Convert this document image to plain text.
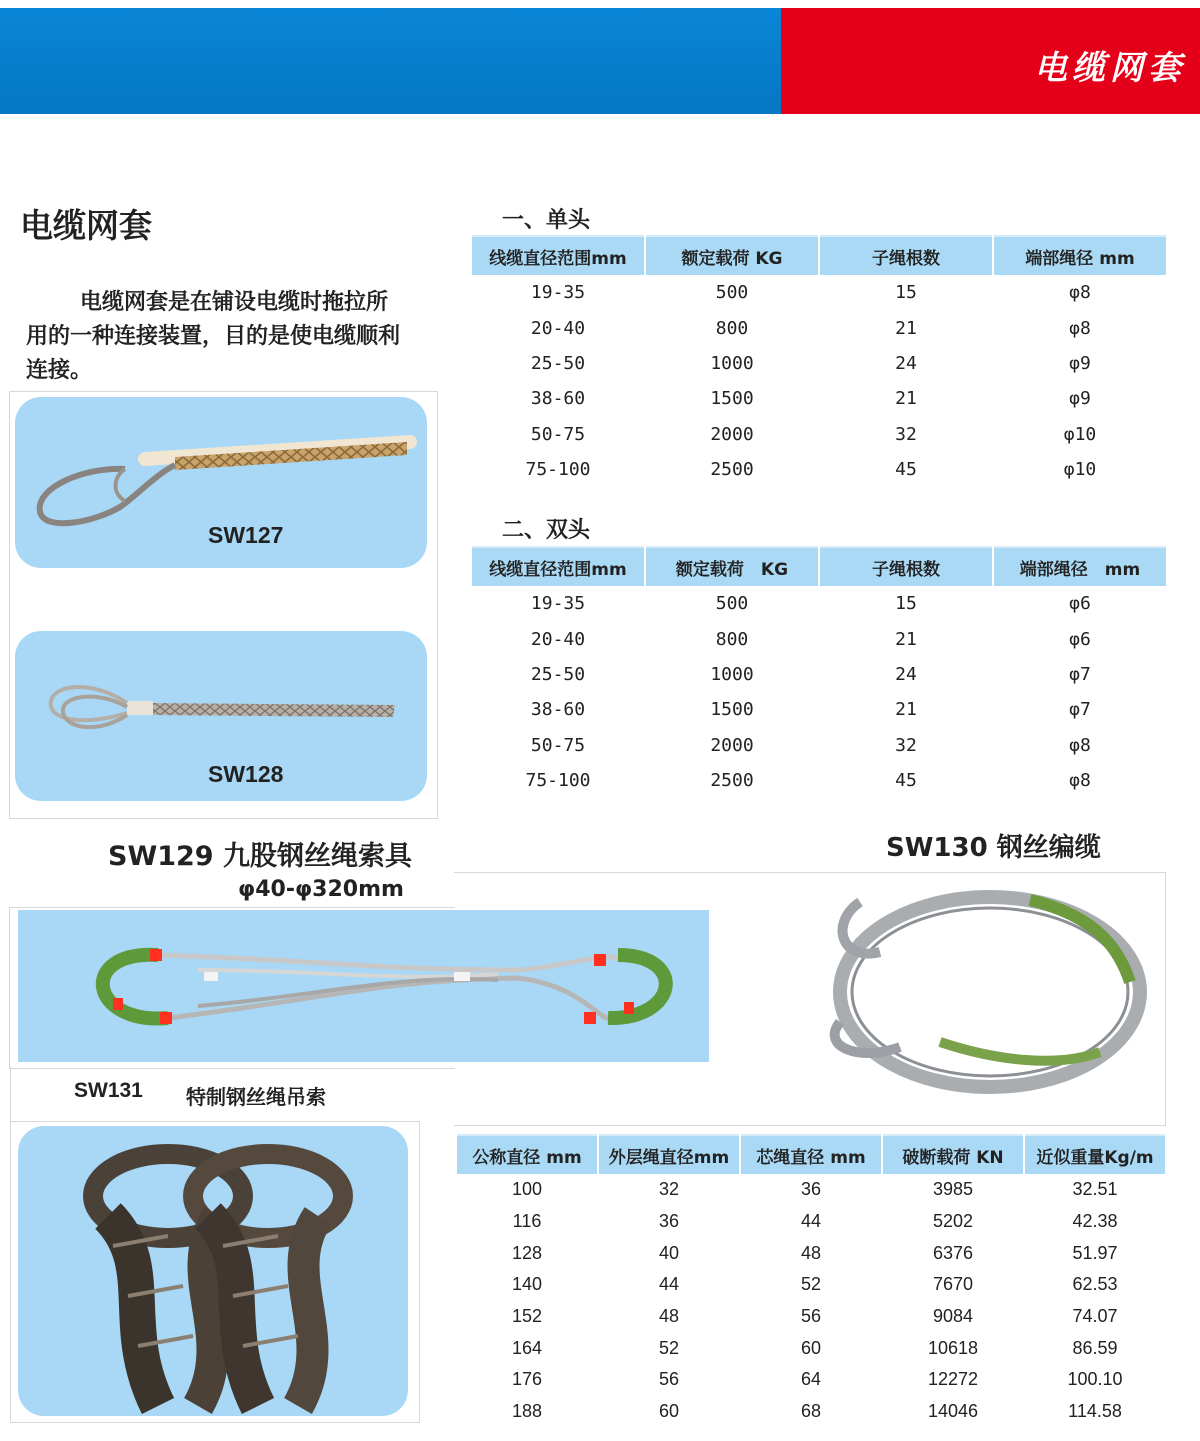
电缆网套
电缆网套
电缆网套是在铺设电缆时拖拉所用的一种连接装置，目的是使电缆顺利连接。
一、单头
线缆直径范围mm	额定载荷 KG	子绳根数	端部绳径 mm
19-35	500	15	φ8
20-40	800	21	φ8
25-50	1000	24	φ9
38-60	1500	21	φ9
50-75	2000	32	φ10
75-100	2500	45	φ10
二、双头
线缆直径范围mm	额定载荷　KG	子绳根数	端部绳径　mm
19-35	500	15	φ6
20-40	800	21	φ6
25-50	1000	24	φ7
38-60	1500	21	φ7
50-75	2000	32	φ8
75-100	2500	45	φ8
SW127
SW128
SW129 九股钢丝绳索具
φ40-φ320mm
SW130 钢丝编缆
SW131 特制钢丝绳吊索
公称直径 mm	外层绳直径mm	芯绳直径 mm	破断载荷 KN	近似重量Kg/m
100	32	36	3985	32.51
116	36	44	5202	42.38
128	40	48	6376	51.97
140	44	52	7670	62.53
152	48	56	9084	74.07
164	52	60	10618	86.59
176	56	64	12272	100.10
188	60	68	14046	114.58
